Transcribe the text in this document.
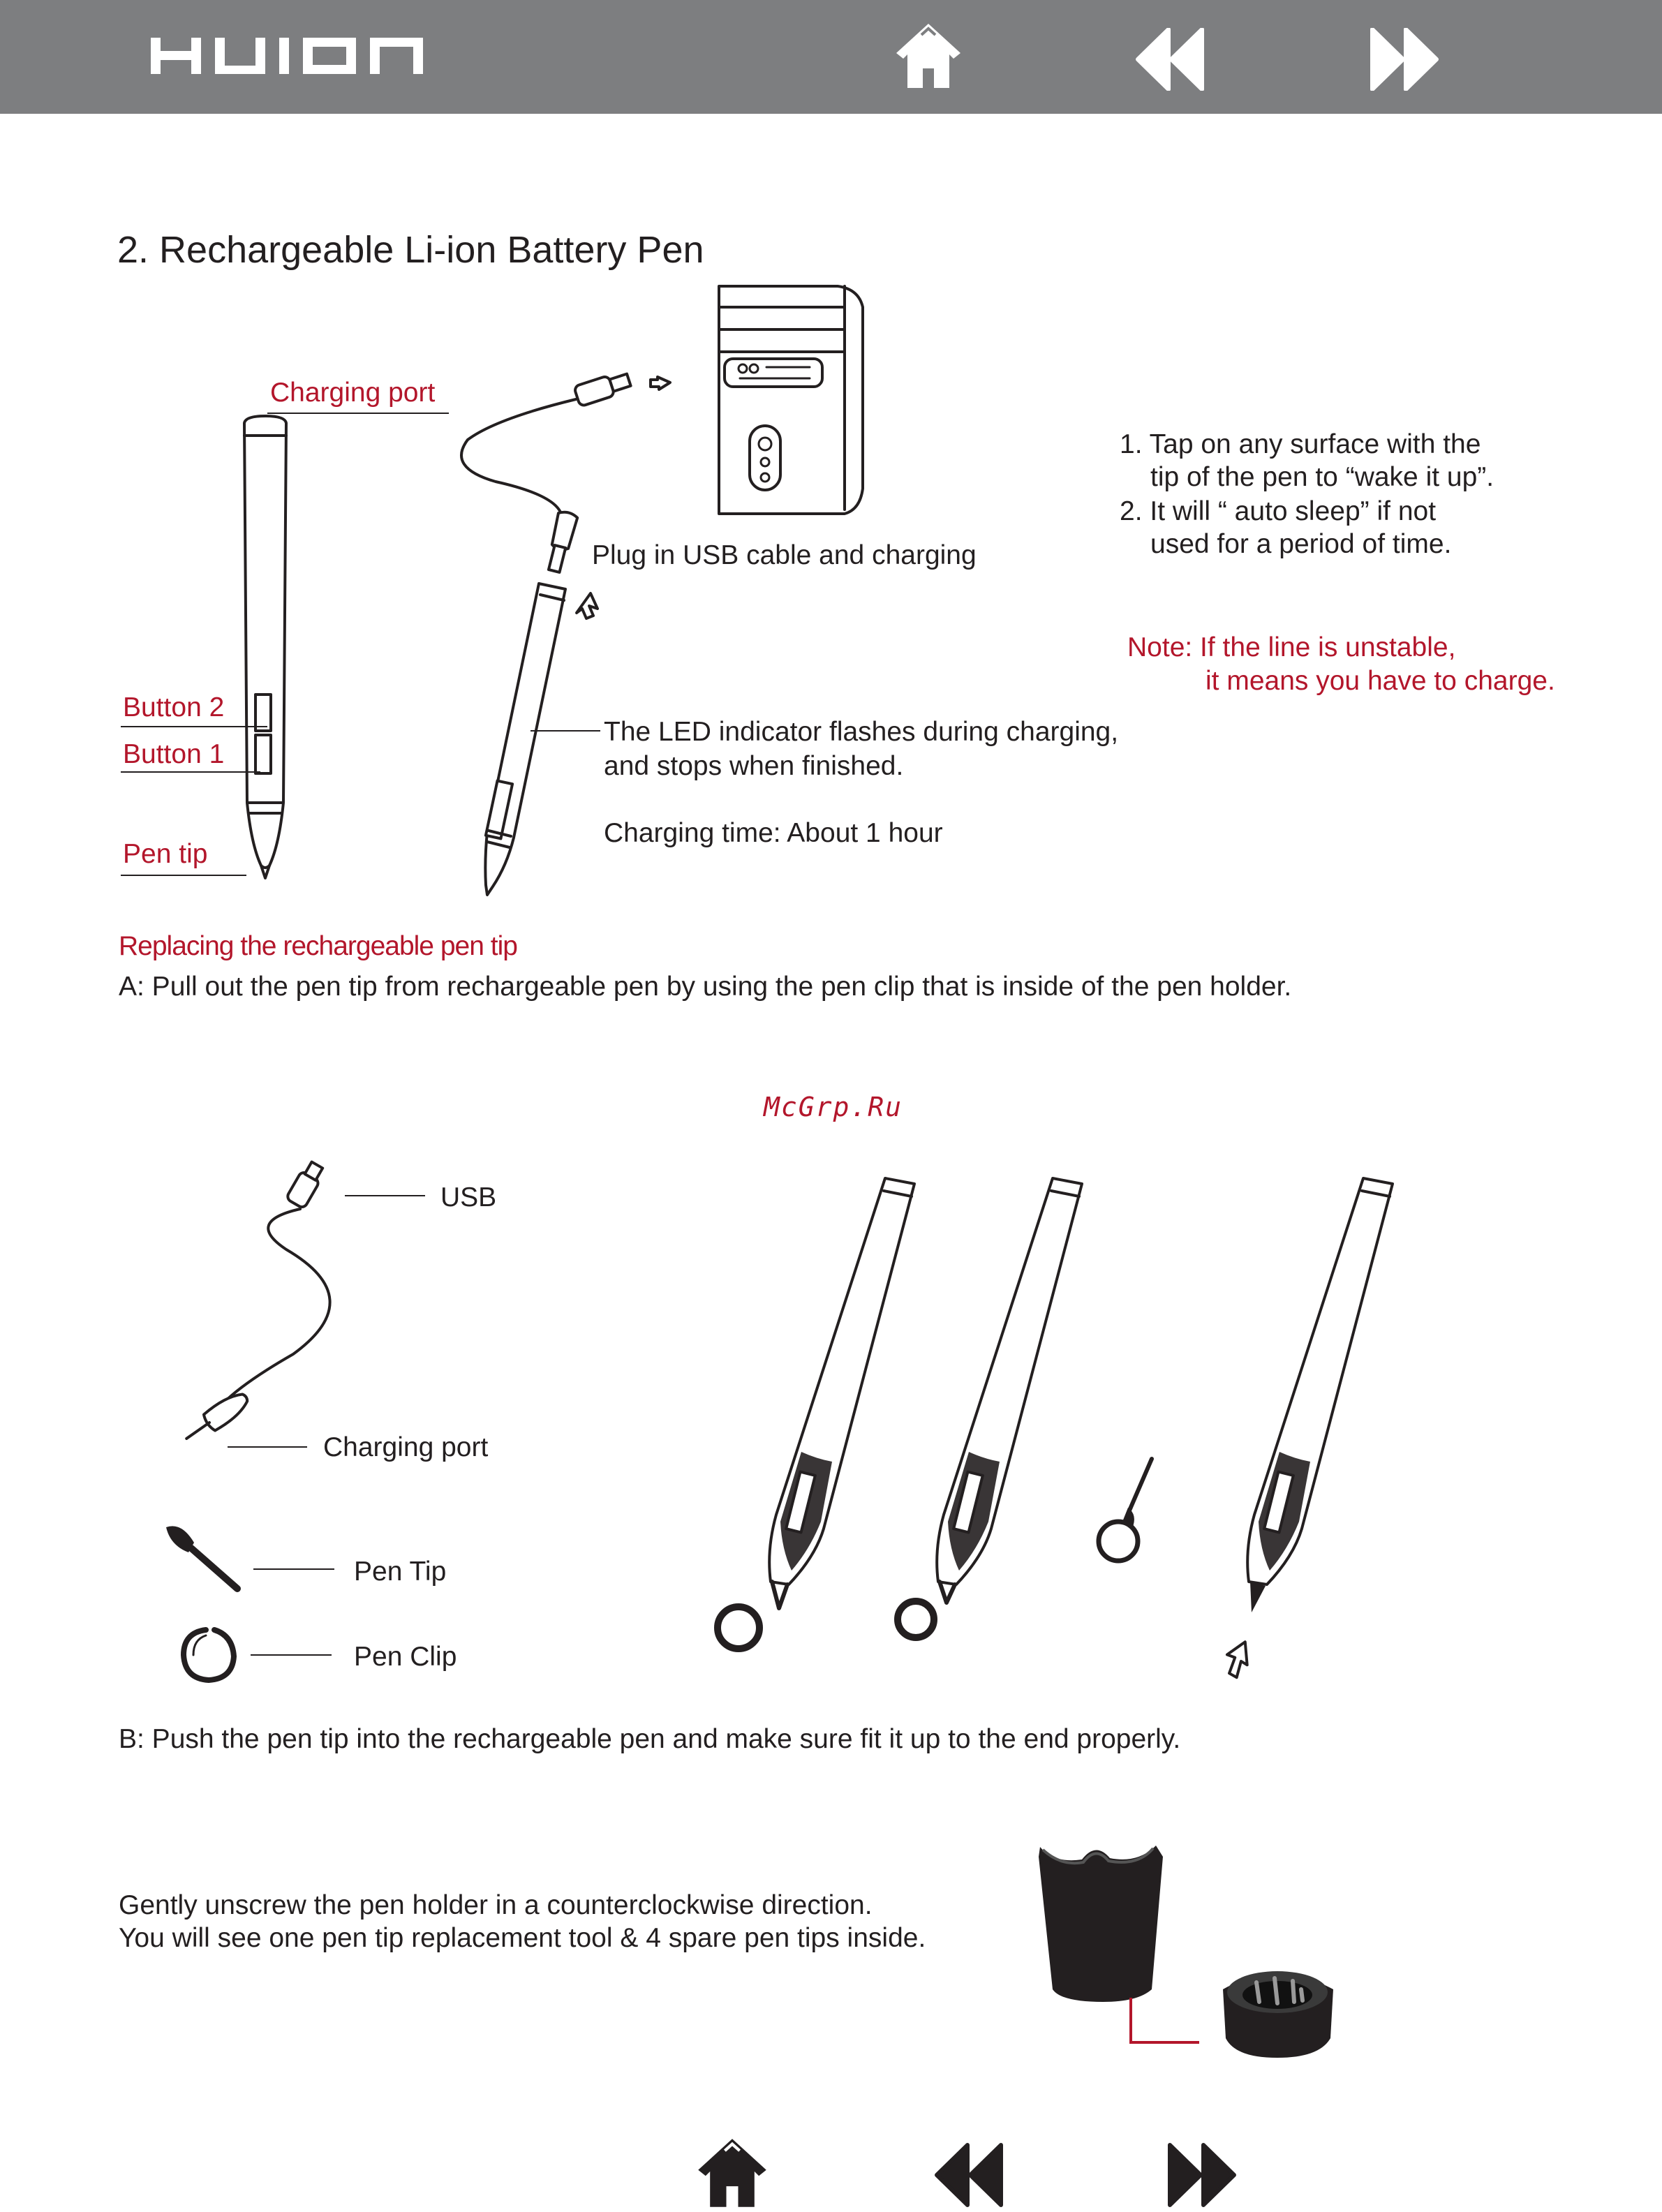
2. Rechargeable Li-ion Battery Pen
Charging port
Button 2
Button 1
Pen tip
Plug in USB cable and charging
The LED indicator flashes during charging,
and stops when finished.
Charging time: About 1 hour
1. Tap on any surface with the
tip of the pen to “wake it up”.
2. It will “ auto sleep” if not
used for a period of time.
Note: If the line is unstable,
it means you have to charge.
Replacing the rechargeable pen tip
A: Pull out the pen tip from rechargeable pen by using the pen clip that is inside of the pen holder.
McGrp.Ru
USB
Charging port
Pen Tip
Pen Clip
B: Push the pen tip into the rechargeable pen and make sure fit it up to the end properly.
Gently unscrew the pen holder in a counterclockwise direction.
You will see one pen tip replacement tool & 4 spare pen tips inside.
